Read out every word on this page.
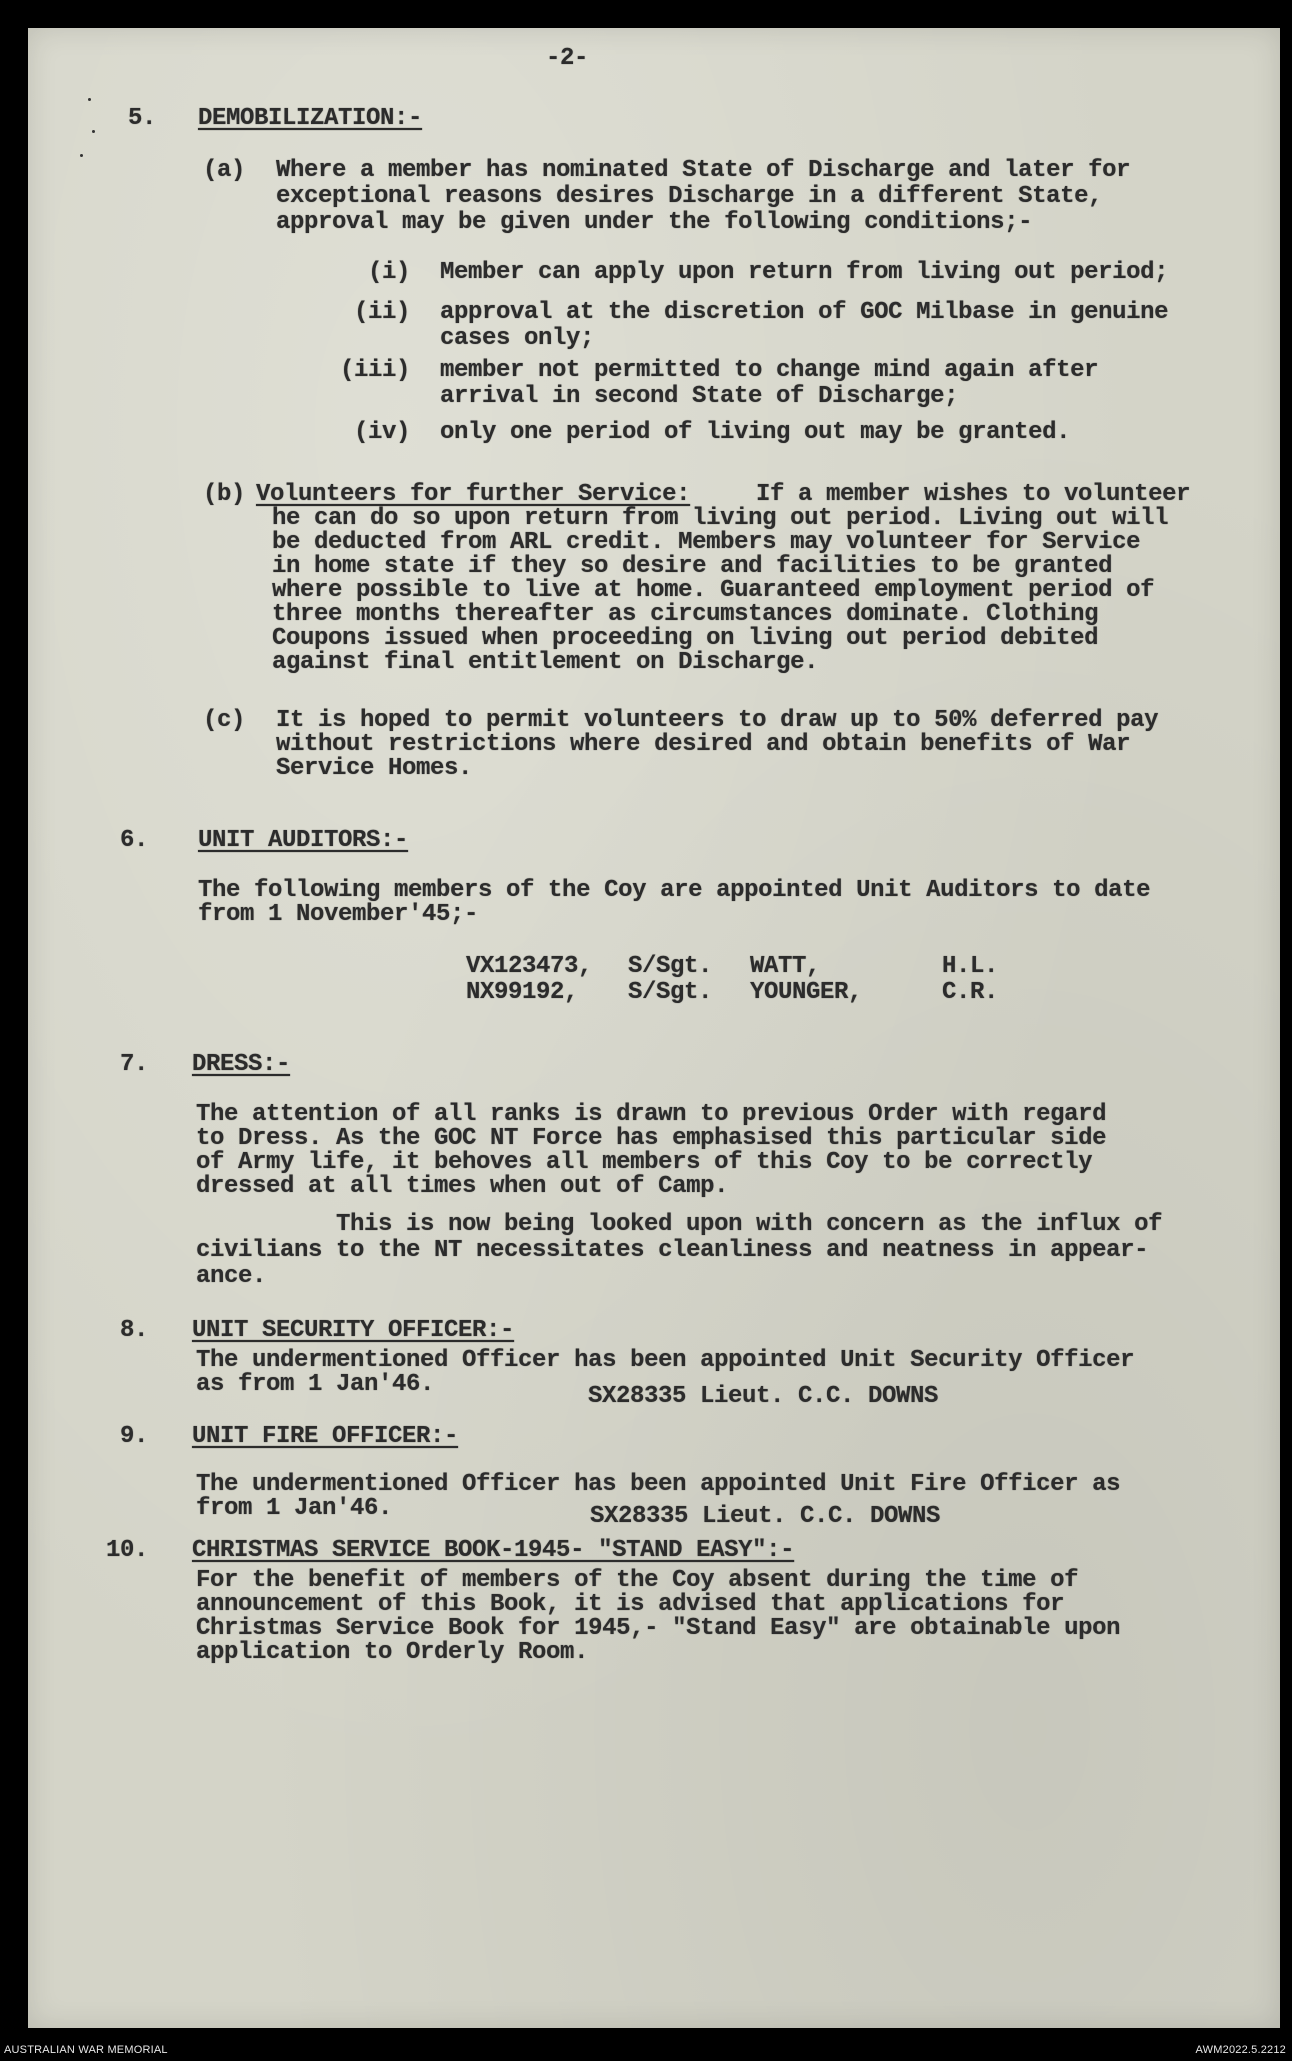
-2-

5. DEMOBILIZATION:-

(a) Where a member has nominated State of Discharge and later for

exceptional reasons desires Discharge in a different State,

approval may be given under the following conditions;-

(i) Member can apply upon return from living out period;

(ii) approval at the discretion of GOC Milbase in genuine

cases only;

(iii) member not permitted to change mind again after

arrival in second State of Discharge;

(iv) only one period of living out may be granted.

(b) Volunteers for further Service:	If a member wishes to volunteer

he can do so upon return from living out period. Living out will

be deducted from ARL credit. Members may volunteer for Service

in home state if they so desire and facilities to be granted

where possible to live at home. Guaranteed employment period of

three months thereafter as circumstances dominate. Clothing

Coupons issued when proceeding on living out period debited

against final entitlement on Discharge.

(c) It is hoped to permit volunteers to draw up to 50% deferred pay

without restrictions where desired and obtain benefits of War

Service Homes.

6. UNIT AUDITORS:-

The following members of the Coy are appointed Unit Auditors to date

from 1 November'45;-

VX123473, S/Sgt. WATT,	H.L.

NX99192, S/Sgt. YOUNGER,	C.R.

7. DRESS:-

The attention of all ranks is drawn to previous Order with regard

to Dress. As the GOC NT Force has emphasised this particular side

of Army life, it behoves all members of this Coy to be correctly

dressed at all times when out of Camp.

This is now being looked upon with concern as the influx of

civilians to the NT necessitates cleanliness and neatness in appear-

ance.

8. UNIT SECURITY OFFICER:-

The undermentioned Officer has been appointed Unit Security Officer

as from 1 Jan'46.	SX28335 Lieut. C.C. DOWNS

9. UNIT FIRE OFFICER:-

The undermentioned Officer has been appointed Unit Fire Officer as

from 1 Jan'46.	SX28335 Lieut. C.C. DOWNS

10. CHRISTMAS SERVICE BOOK-1945- "STAND EASY":-

For the benefit of members of the Coy absent during the time of

announcement of this Book, it is advised that applications for

Christmas Service Book for 1945,- "Stand Easy" are obtainable upon

application to Orderly Room.

AUSTRALIAN WAR MEMORIAL	AWM2022.5.2212
